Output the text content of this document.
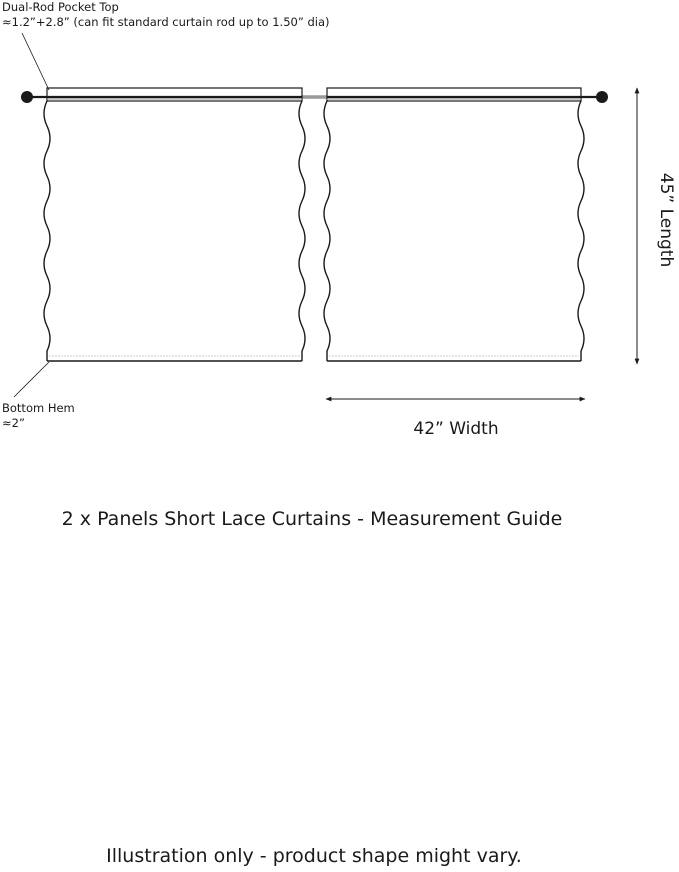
Dual-Rod Pocket Top
≈1.2”+2.8” (can fit standard curtain rod up to 1.50” dia)
Bottom Hem
≈2”	42” Width
45” Length
2 x Panels Short Lace Curtains - Measurement Guide
Illustration only - product shape might vary.
